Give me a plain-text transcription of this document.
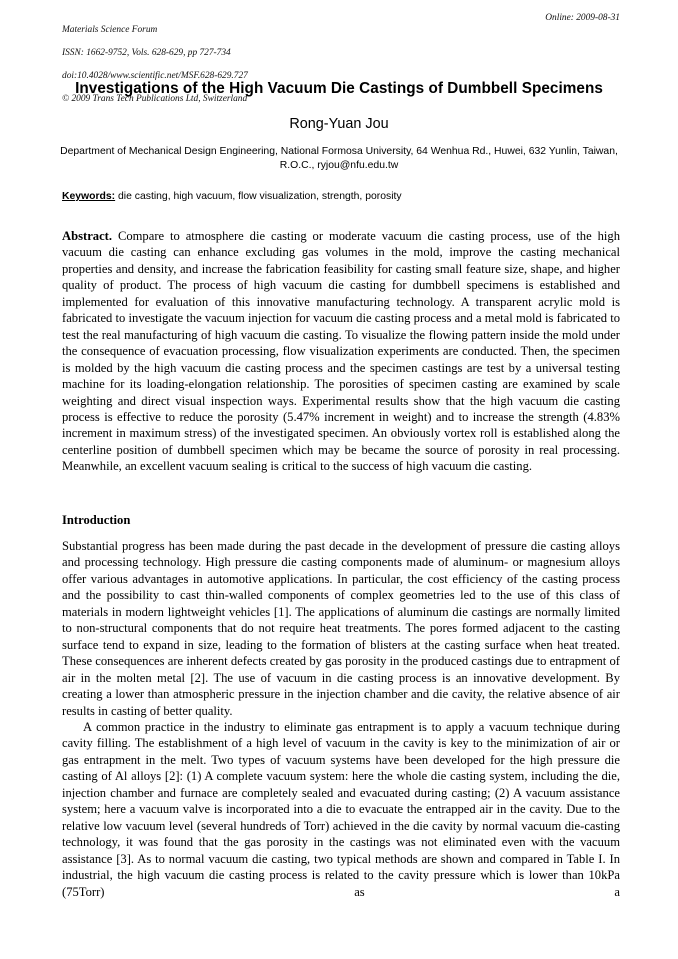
Materials Science Forum

ISSN: 1662-9752, Vols. 628-629, pp 727-734

doi:10.4028/www.scientific.net/MSF.628-629.727

© 2009 Trans Tech Publications Ltd, Switzerland

Online: 2009-08-31
Investigations of the High Vacuum Die Castings of Dumbbell Specimens
Rong-Yuan Jou
Department of Mechanical Design Engineering, National Formosa University, 64 Wenhua Rd., Huwei, 632 Yunlin, Taiwan, R.O.C., ryjou@nfu.edu.tw
Keywords: die casting, high vacuum, flow visualization, strength, porosity
Abstract. Compare to atmosphere die casting or moderate vacuum die casting process, use of the high vacuum die casting can enhance excluding gas volumes in the mold, improve the casting mechanical properties and density, and increase the fabrication feasibility for casting small feature size, shape, and higher quality of product. The process of high vacuum die casting for dumbbell specimens is established and implemented for evaluation of this innovative manufacturing technology. A transparent acrylic mold is fabricated to investigate the vacuum injection for vacuum die casting process and a metal mold is fabricated to test the real manufacturing of high vacuum die casting. To visualize the flowing pattern inside the mold under the consequence of evacuation processing, flow visualization experiments are conducted. Then, the specimen is molded by the high vacuum die casting process and the specimen castings are test by a universal testing machine for its loading-elongation relationship. The porosities of specimen casting are examined by scale weighting and direct visual inspection ways. Experimental results show that the high vacuum die casting process is effective to reduce the porosity (5.47% increment in weight) and to increase the strength (4.83% increment in maximum stress) of the investigated specimen. An obviously vortex roll is established along the centerline position of dumbbell specimen which may be became the source of porosity in real processing. Meanwhile, an excellent vacuum sealing is critical to the success of high vacuum die casting.
Introduction

Substantial progress has been made during the past decade in the development of pressure die casting alloys and processing technology. High pressure die casting components made of aluminum- or magnesium alloys offer various advantages in automotive applications. In particular, the cost efficiency of the casting process and the possibility to cast thin-walled components of complex geometries led to the use of this class of materials in modern lightweight vehicles [1]. The applications of aluminum die castings are normally limited to non-structural components that do not require heat treatments. The pores formed adjacent to the casting surface tend to expand in size, leading to the formation of blisters at the casting surface when heat treated. These consequences are inherent defects created by gas porosity in the produced castings due to entrapment of air in the molten metal [2]. The use of vacuum in die casting process is an innovative development. By creating a lower than atmospheric pressure in the injection chamber and die cavity, the relative absence of air results in casting of better quality.

A common practice in the industry to eliminate gas entrapment is to apply a vacuum technique during cavity filling. The establishment of a high level of vacuum in the cavity is key to the minimization of air or gas entrapment in the melt. Two types of vacuum systems have been developed for the high pressure die casting of Al alloys [2]: (1) A complete vacuum system: here the whole die casting system, including the die, injection chamber and furnace are completely sealed and evacuated during casting; (2) A vacuum assistance system; here a vacuum valve is incorporated into a die to evacuate the entrapped air in the cavity. Due to the relative low vacuum level (several hundreds of Torr) achieved in the die cavity by normal vacuum die-casting technology, it was found that the gas porosity in the castings was not eliminated even with the vacuum assistance [3]. As to normal vacuum die casting, two typical methods are shown and compared in Table I. In industrial, the high vacuum die casting process is related to the cavity pressure which is lower than 10kPa (75Torr) as a
